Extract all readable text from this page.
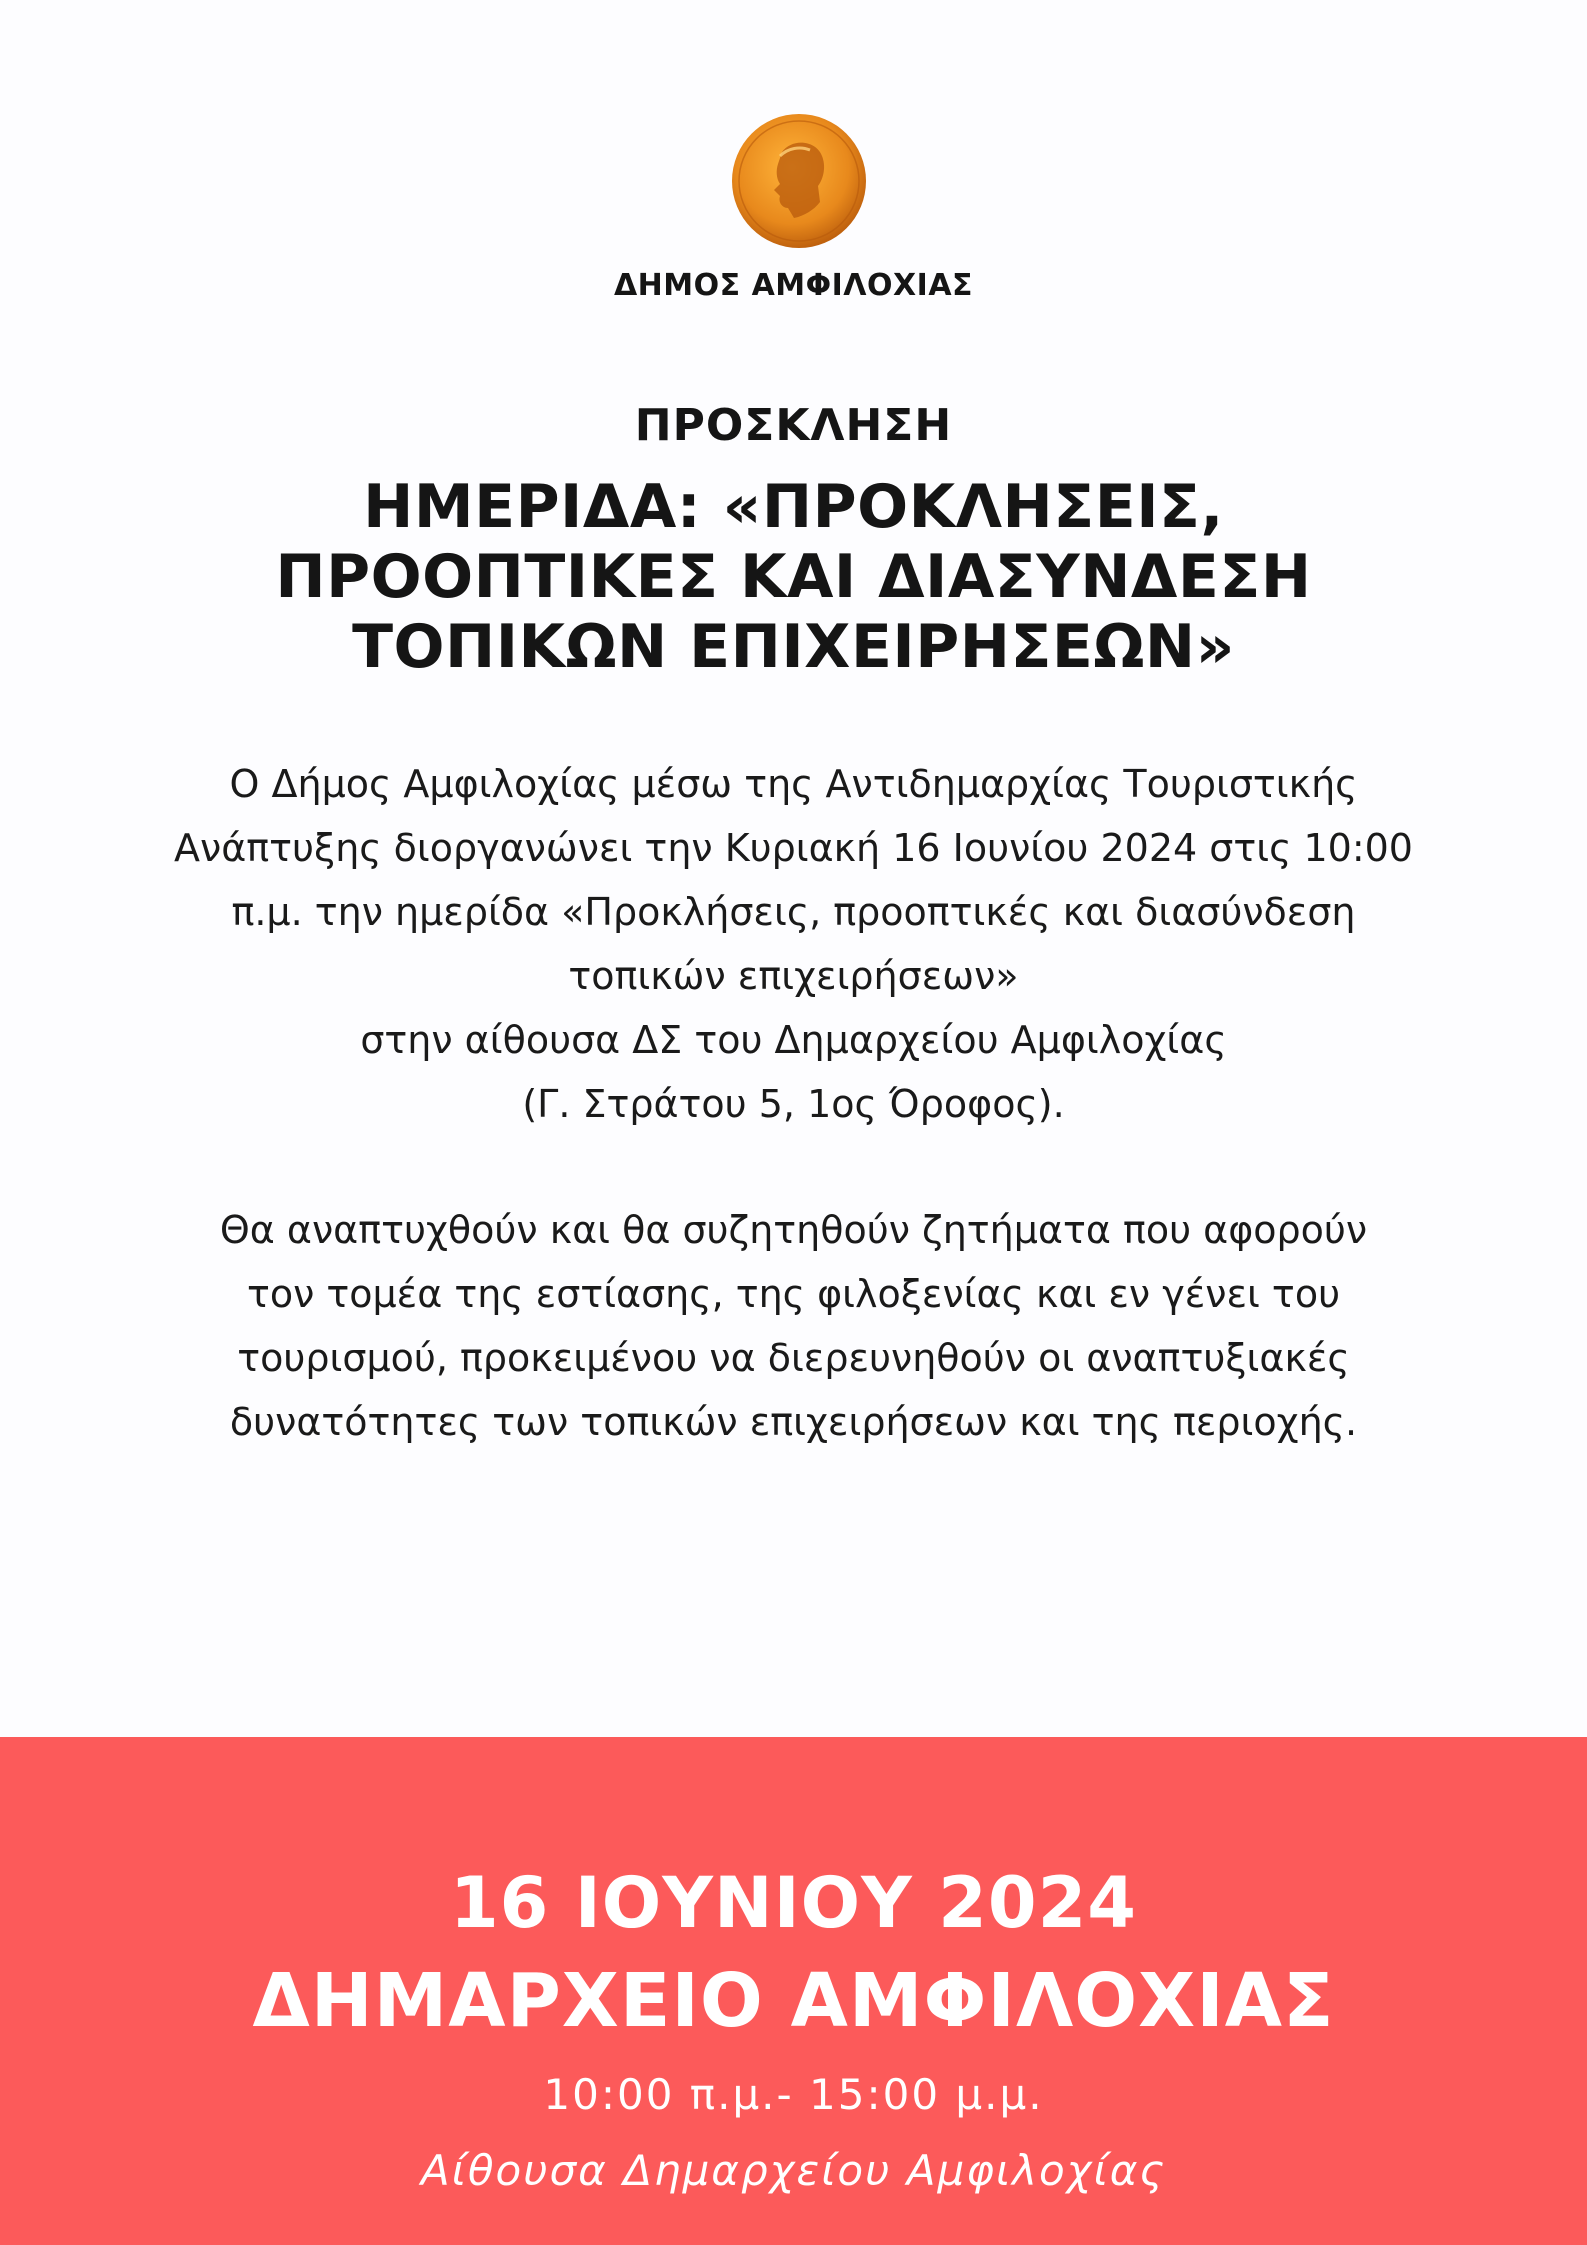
ΔΗΜΟΣ ΑΜΦΙΛΟΧΙΑΣ
ΠΡΟΣΚΛΗΣΗ
ΗΜΕΡΙΔΑ: «ΠΡΟΚΛΗΣΕΙΣ,
ΠΡΟΟΠΤΙΚΕΣ ΚΑΙ ΔΙΑΣΥΝΔΕΣΗ
ΤΟΠΙΚΩΝ ΕΠΙΧΕΙΡΗΣΕΩΝ»
Ο Δήμος Αμφιλοχίας μέσω της Αντιδημαρχίας Τουριστικής
Ανάπτυξης διοργανώνει την Κυριακή 16 Ιουνίου 2024 στις 10:00
π.μ. την ημερίδα «Προκλήσεις, προοπτικές και διασύνδεση
τοπικών επιχειρήσεων»
στην αίθουσα ΔΣ του Δημαρχείου Αμφιλοχίας
(Γ. Στράτου 5, 1ος Όροφος).
Θα αναπτυχθούν και θα συζητηθούν ζητήματα που αφορούν
τον τομέα της εστίασης, της φιλοξενίας και εν γένει του
τουρισμού, προκειμένου να διερευνηθούν οι αναπτυξιακές
δυνατότητες των τοπικών επιχειρήσεων και της περιοχής.
16 ΙΟΥΝΙΟΥ 2024
ΔΗΜΑΡΧΕΙΟ ΑΜΦΙΛΟΧΙΑΣ
10:00 π.μ.- 15:00 μ.μ.
Αίθουσα Δημαρχείου Αμφιλοχίας
